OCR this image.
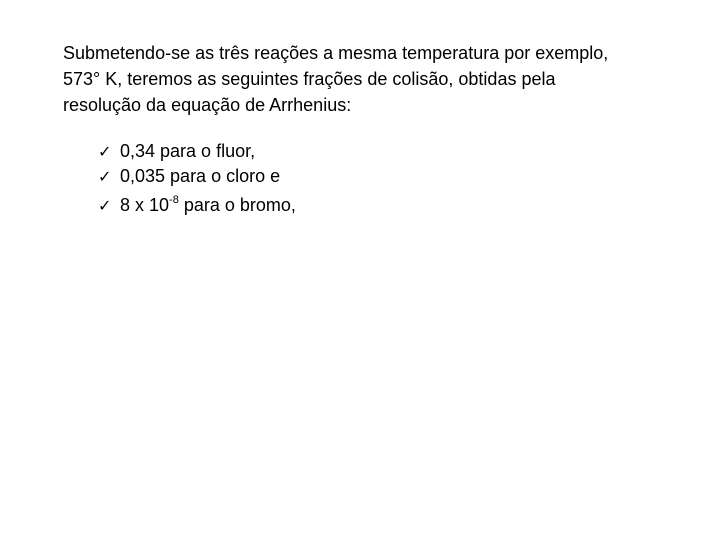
Submetendo-se as três reações a mesma temperatura por exemplo,
573° K, teremos as seguintes frações de colisão, obtidas pela
resolução da equação de Arrhenius:

✓ 0,34 para o fluor,
✓ 0,035 para o cloro e
✓ 8 x $10^{-8}$ para o bromo,
